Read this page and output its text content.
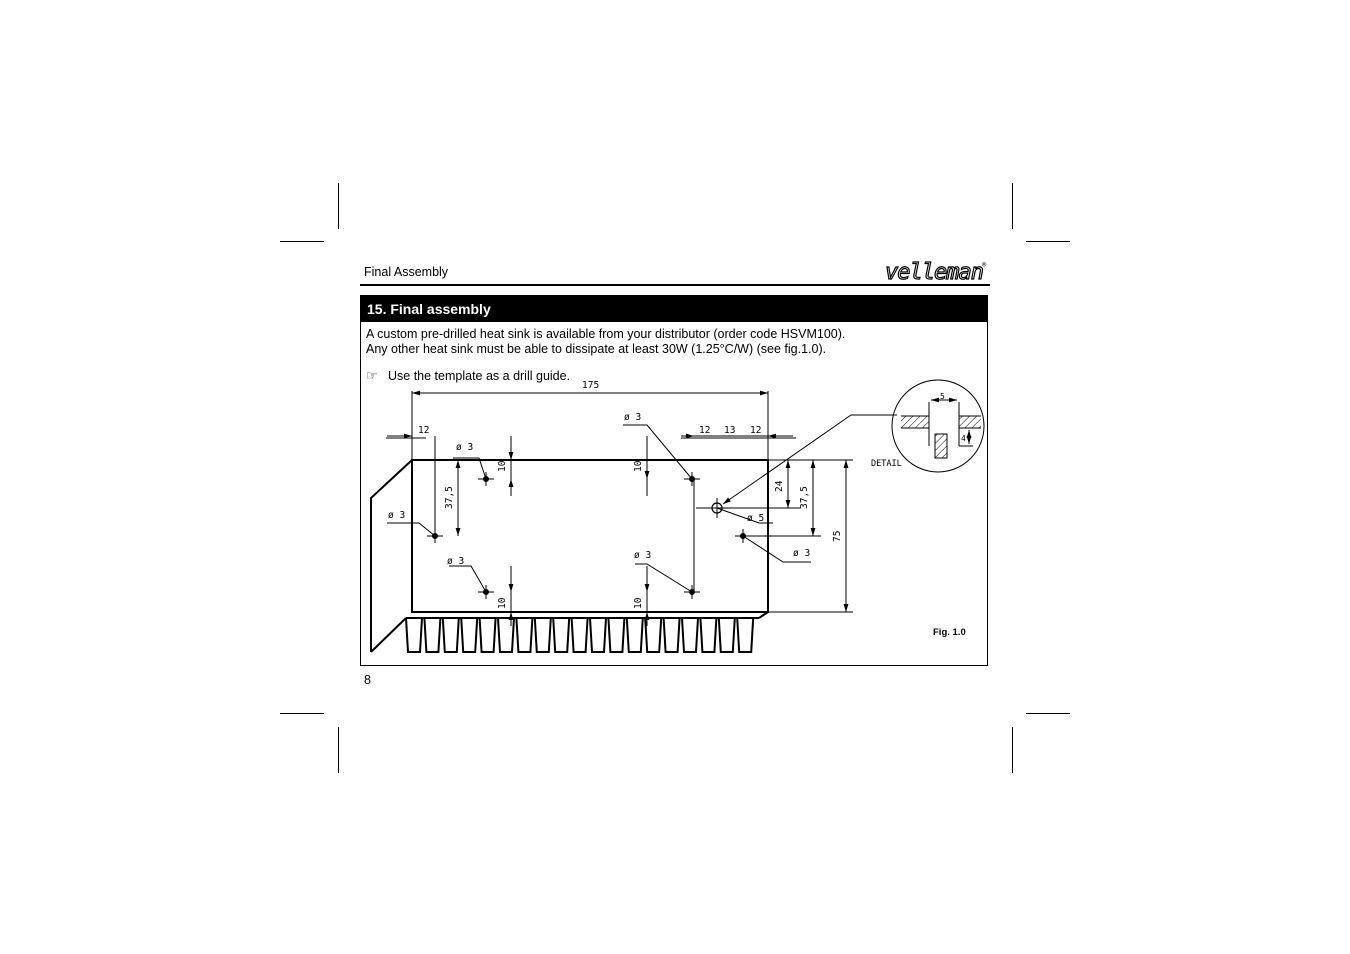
Final Assembly	velleman ®
15. Final assembly
A custom pre-drilled heat sink is available from your distributor (order code HSVM100).
Any other heat sink must be able to dissipate at least 30W (1.25°C/W) (see fig.1.0).
☞ Use the template as a drill guide.
175
12	12 13 12
ø 3
ø 3
ø 3
ø 3
ø 3	ø 3
ø 5
10	10
10	10
37,5	24 37,5
75
DETAIL
5
4
Fig. 1.0
8
